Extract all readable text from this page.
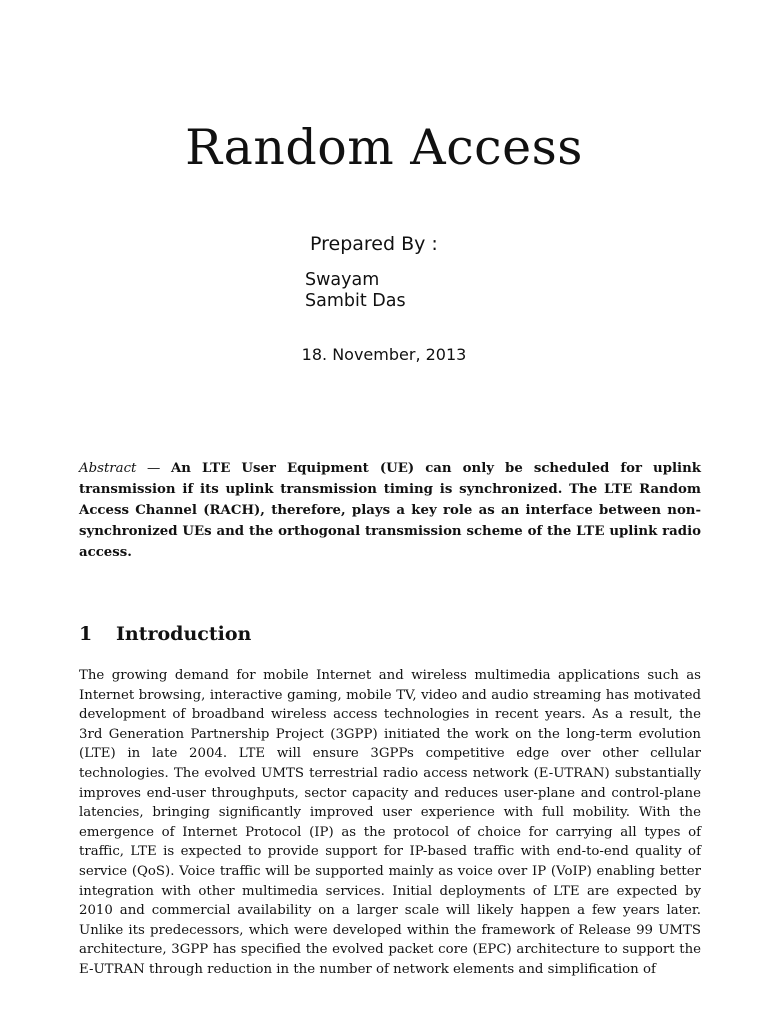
Random Access
Prepared By :
Swayam
Sambit Das
18. November, 2013
Abstract — An LTE User Equipment (UE) can only be scheduled for uplink transmission if its uplink transmission timing is synchronized. The LTE Random Access Channel (RACH), therefore, plays a key role as an interface between non-synchronized UEs and the orthogonal transmission scheme of the LTE uplink radio access.
1 Introduction
The growing demand for mobile Internet and wireless multimedia applications such as Internet browsing, interactive gaming, mobile TV, video and audio streaming has motivated development of broadband wireless access technologies in recent years. As a result, the 3rd Generation Partnership Project (3GPP) initiated the work on the long-term evolution (LTE) in late 2004. LTE will ensure 3GPPs competitive edge over other cellular technologies. The evolved UMTS terrestrial radio access network (E-UTRAN) substantially improves end-user throughputs, sector capacity and reduces user-plane and control-plane latencies, bringing significantly improved user experience with full mobility. With the emergence of Internet Protocol (IP) as the protocol of choice for carrying all types of traffic, LTE is expected to provide support for IP-based traffic with end-to-end quality of service (QoS). Voice traffic will be supported mainly as voice over IP (VoIP) enabling better integration with other multimedia services. Initial deployments of LTE are expected by 2010 and commercial availability on a larger scale will likely happen a few years later. Unlike its predecessors, which were developed within the framework of Release 99 UMTS architecture, 3GPP has specified the evolved packet core (EPC) architecture to support the E-UTRAN through reduction in the number of network elements and simplification of
